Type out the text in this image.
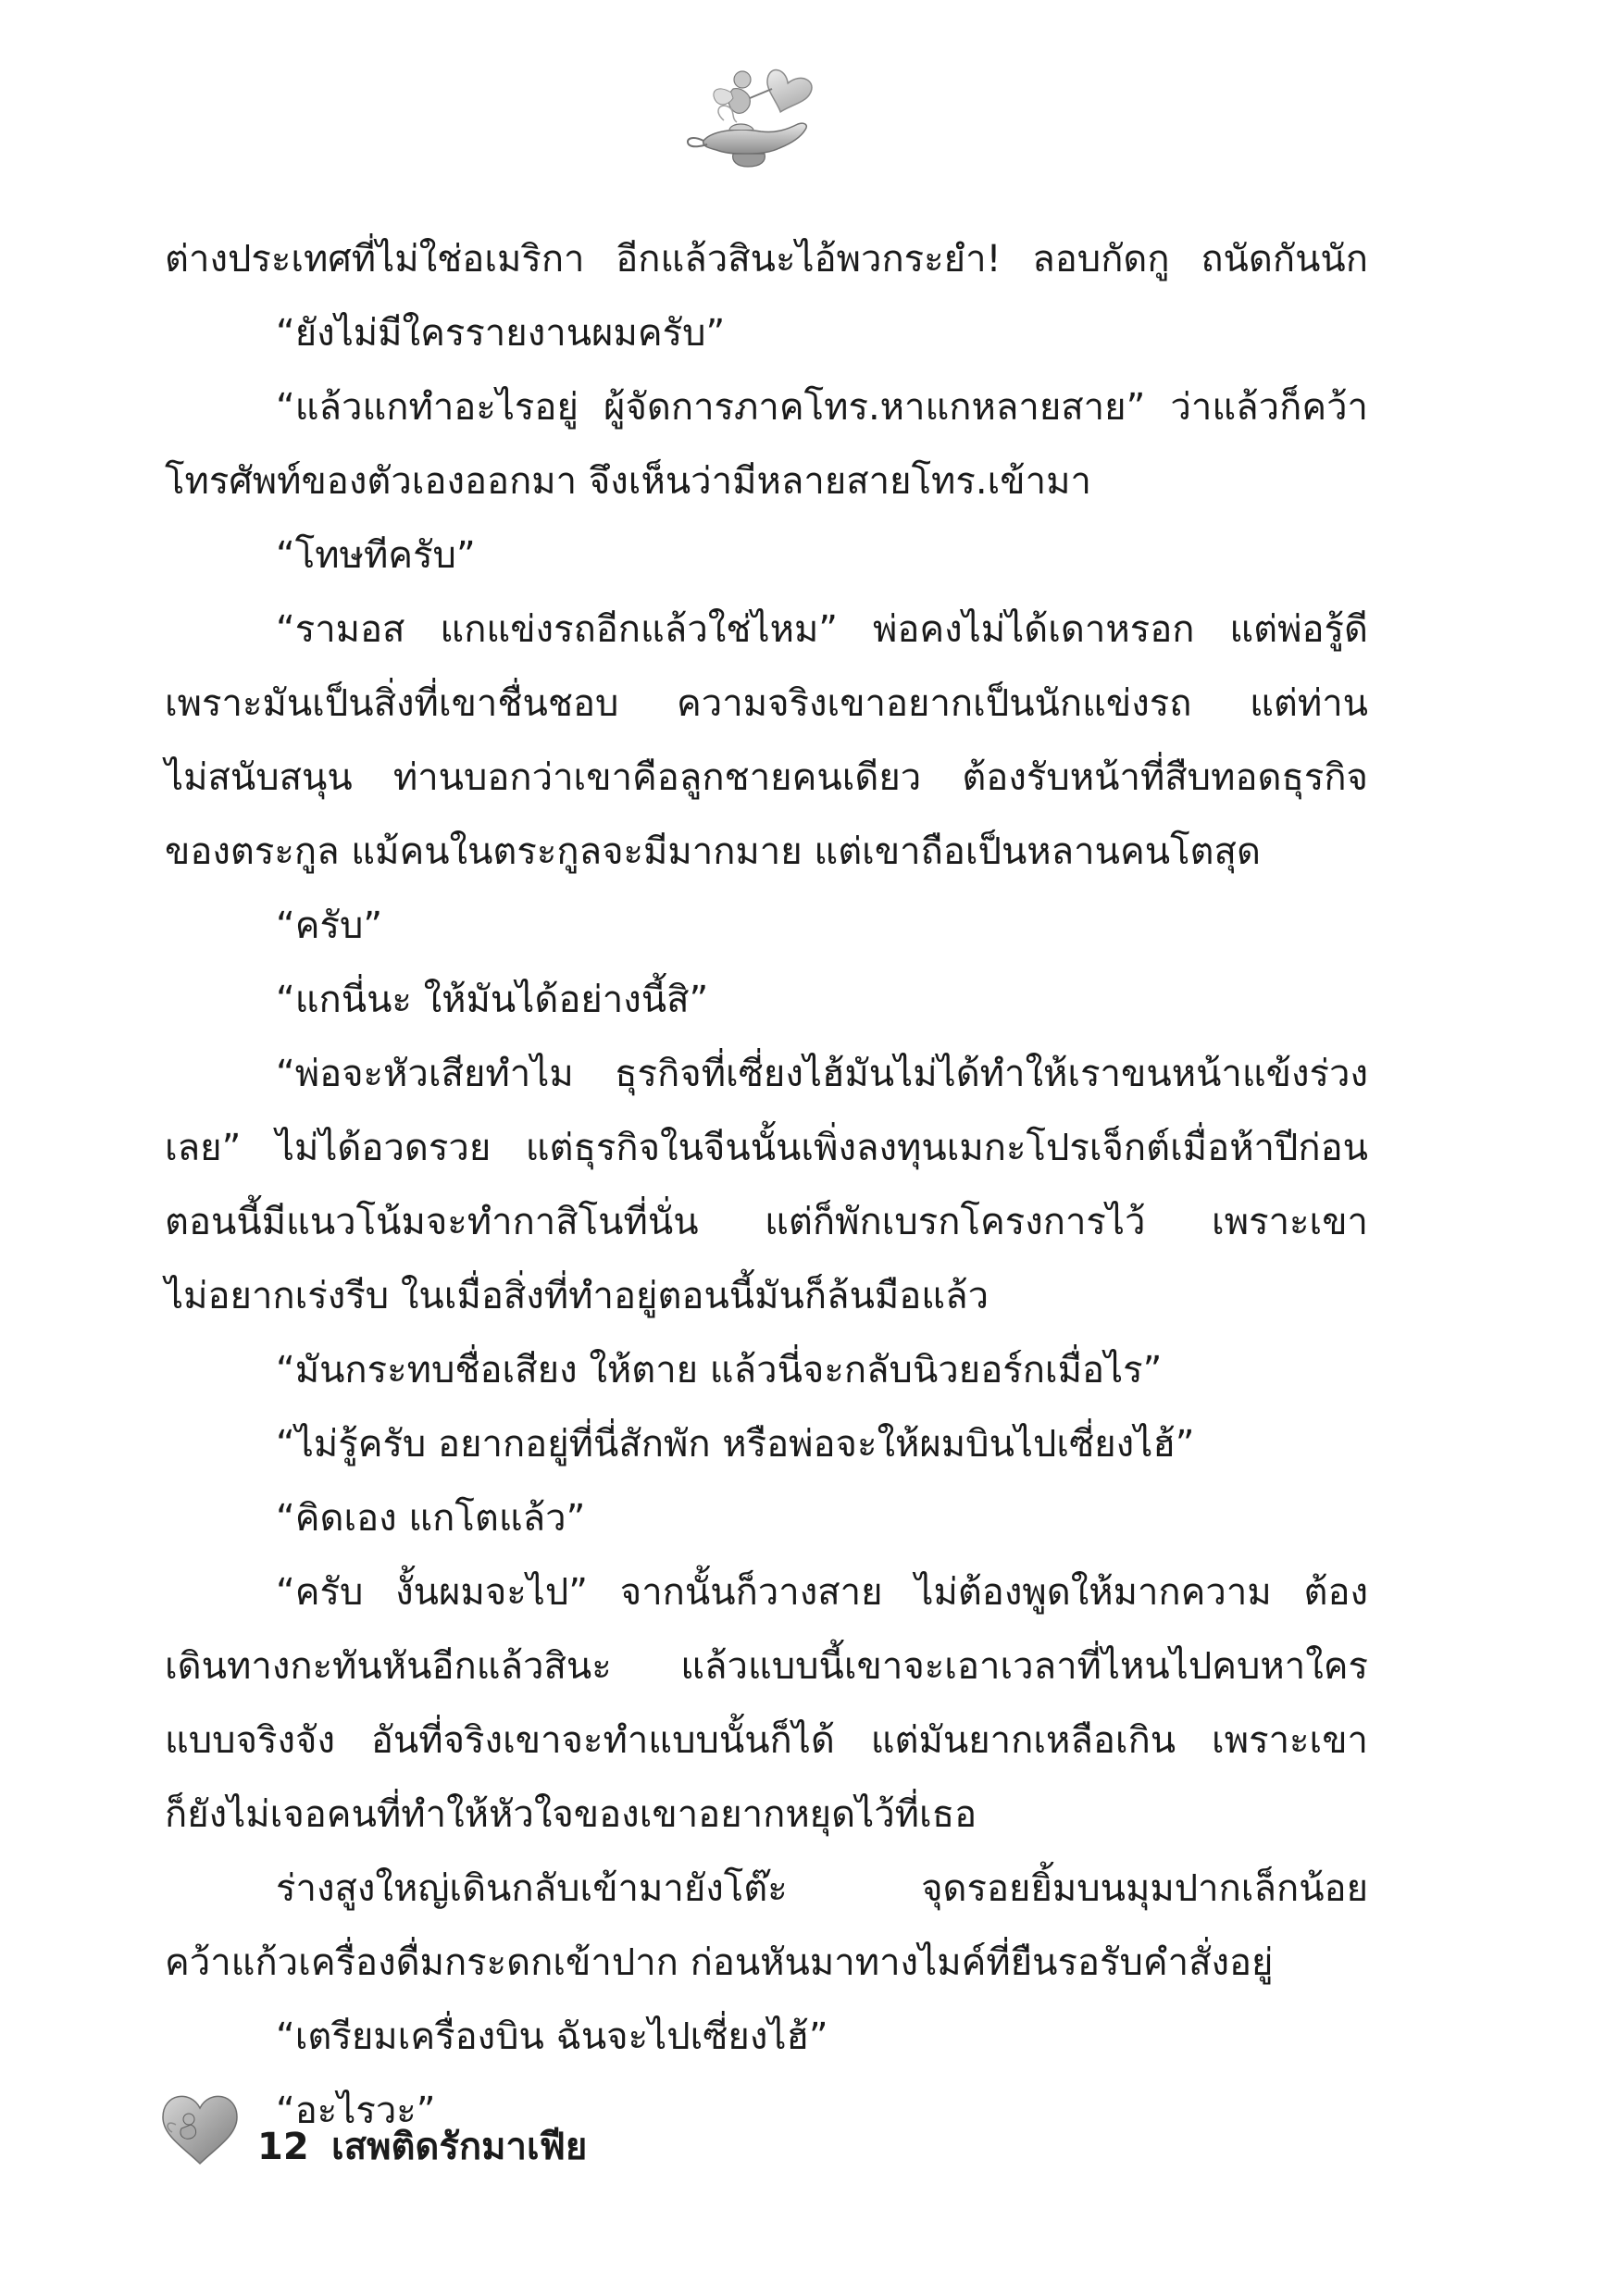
ต่างประเทศที่ไม่ใช่อเมริกา อีกแล้วสินะไอ้พวกระยำ! ลอบกัดกู ถนัดกันนัก
“ยังไม่มีใครรายงานผมครับ”
“แล้วแกทำอะไรอยู่ ผู้จัดการภาคโทร.หาแกหลายสาย” ว่าแล้วก็คว้า
โทรศัพท์ของตัวเองออกมา จึงเห็นว่ามีหลายสายโทร.เข้ามา
“โทษทีครับ”
“รามอส แกแข่งรถอีกแล้วใช่ไหม” พ่อคงไม่ได้เดาหรอก แต่พ่อรู้ดี
เพราะมันเป็นสิ่งที่เขาชื่นชอบ ความจริงเขาอยากเป็นนักแข่งรถ แต่ท่าน
ไม่สนับสนุน ท่านบอกว่าเขาคือลูกชายคนเดียว ต้องรับหน้าที่สืบทอดธุรกิจ
ของตระกูล แม้คนในตระกูลจะมีมากมาย แต่เขาถือเป็นหลานคนโตสุด
“ครับ”
“แกนี่นะ ให้มันได้อย่างนี้สิ”
“พ่อจะหัวเสียทำไม ธุรกิจที่เซี่ยงไฮ้มันไม่ได้ทำให้เราขนหน้าแข้งร่วง
เลย” ไม่ได้อวดรวย แต่ธุรกิจในจีนนั้นเพิ่งลงทุนเมกะโปรเจ็กต์เมื่อห้าปีก่อน
ตอนนี้มีแนวโน้มจะทำกาสิโนที่นั่น แต่ก็พักเบรกโครงการไว้ เพราะเขา
ไม่อยากเร่งรีบ ในเมื่อสิ่งที่ทำอยู่ตอนนี้มันก็ล้นมือแล้ว
“มันกระทบชื่อเสียง ให้ตาย แล้วนี่จะกลับนิวยอร์กเมื่อไร”
“ไม่รู้ครับ อยากอยู่ที่นี่สักพัก หรือพ่อจะให้ผมบินไปเซี่ยงไฮ้”
“คิดเอง แกโตแล้ว”
“ครับ งั้นผมจะไป” จากนั้นก็วางสาย ไม่ต้องพูดให้มากความ ต้อง
เดินทางกะทันหันอีกแล้วสินะ แล้วแบบนี้เขาจะเอาเวลาที่ไหนไปคบหาใคร
แบบจริงจัง อันที่จริงเขาจะทำแบบนั้นก็ได้ แต่มันยากเหลือเกิน เพราะเขา
ก็ยังไม่เจอคนที่ทำให้หัวใจของเขาอยากหยุดไว้ที่เธอ
ร่างสูงใหญ่เดินกลับเข้ามายังโต๊ะ จุดรอยยิ้มบนมุมปากเล็กน้อย
คว้าแก้วเครื่องดื่มกระดกเข้าปาก ก่อนหันมาทางไมค์ที่ยืนรอรับคำสั่งอยู่
“เตรียมเครื่องบิน ฉันจะไปเซี่ยงไฮ้”
“อะไรวะ”
12 เสพติดรักมาเฟีย
